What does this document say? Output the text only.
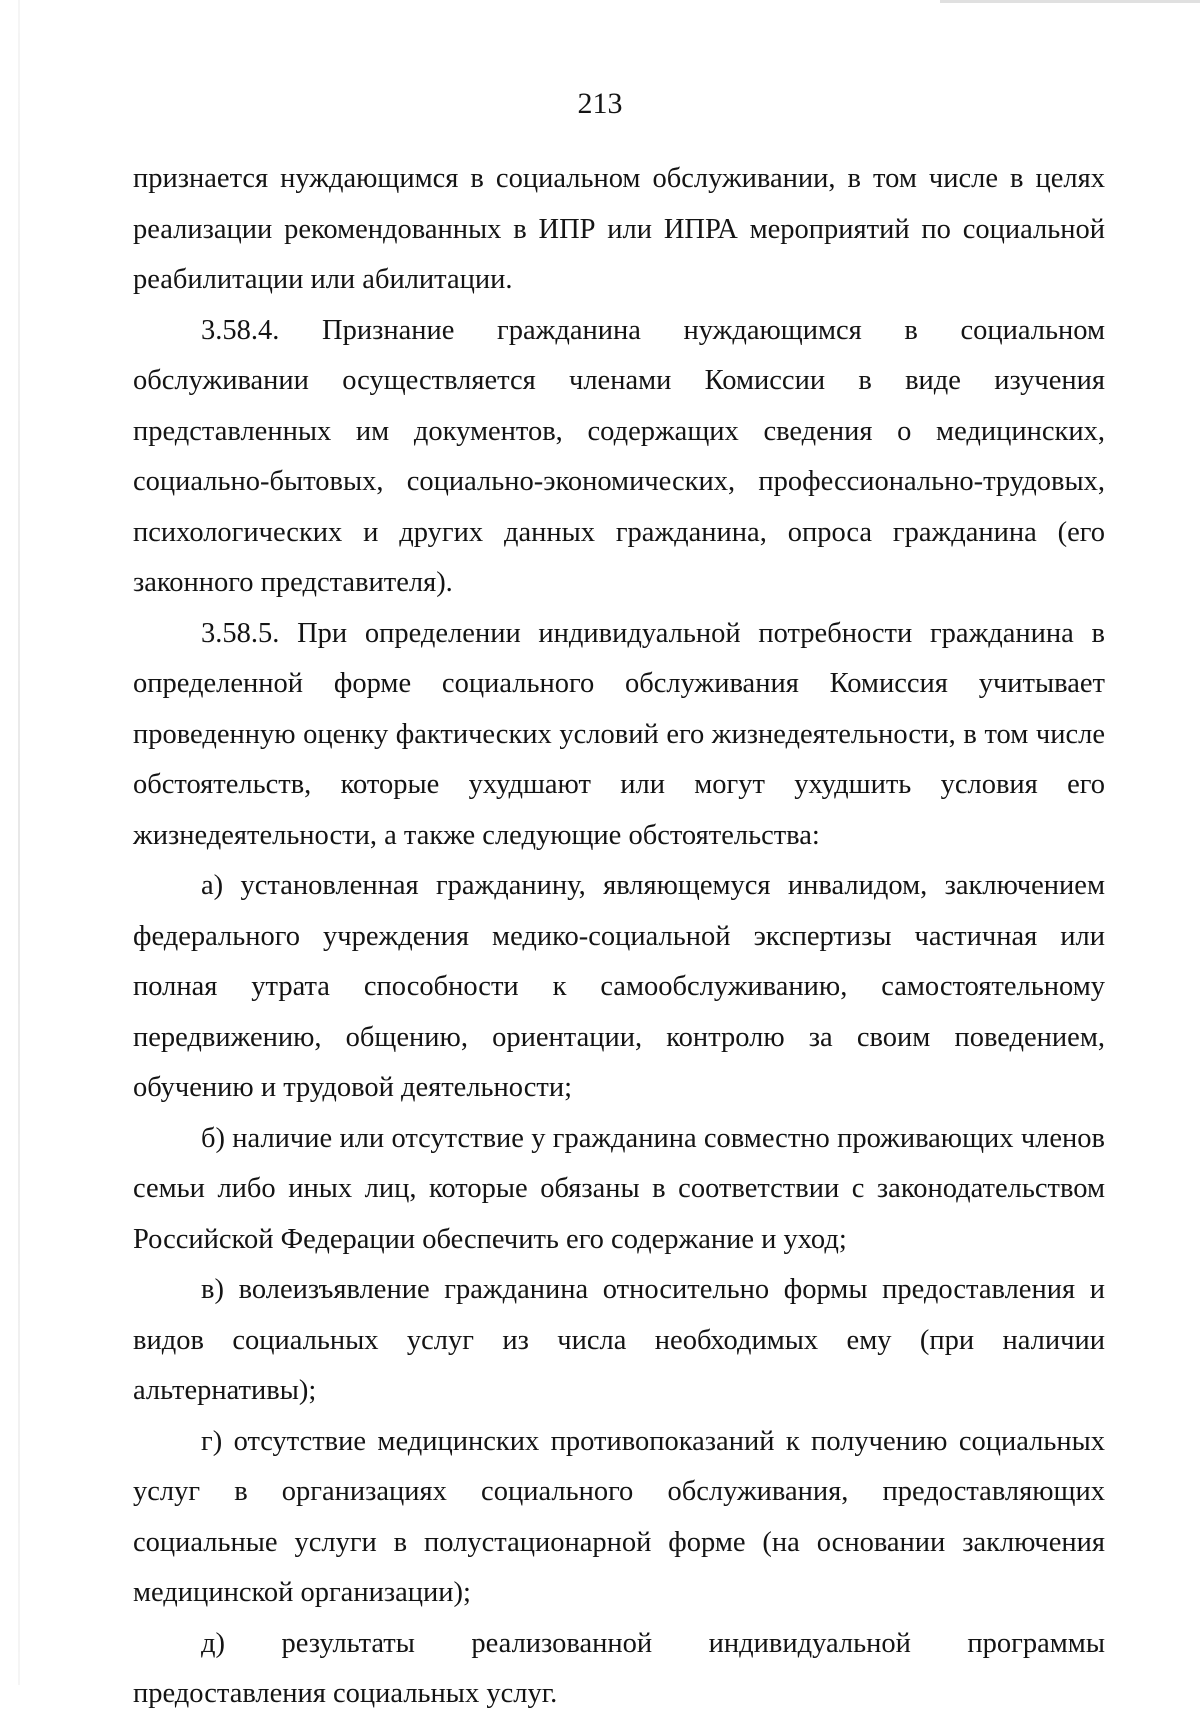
213

признается нуждающимся в социальном обслуживании, в том числе в целях реализации рекомендованных в ИПР или ИПРА мероприятий по социальной реабилитации или абилитации.

3.58.4. Признание гражданина нуждающимся в социальном обслуживании осуществляется членами Комиссии в виде изучения представленных им документов, содержащих сведения о медицинских, социально-бытовых, социально-экономических, профессионально-трудовых, психологических и других данных гражданина, опроса гражданина (его законного представителя).

3.58.5. При определении индивидуальной потребности гражданина в определенной форме социального обслуживания Комиссия учитывает проведенную оценку фактических условий его жизнедеятельности, в том числе обстоятельств, которые ухудшают или могут ухудшить условия его жизнедеятельности, а также следующие обстоятельства:

а) установленная гражданину, являющемуся инвалидом, заключением федерального учреждения медико-социальной экспертизы частичная или полная утрата способности к самообслуживанию, самостоятельному передвижению, общению, ориентации, контролю за своим поведением, обучению и трудовой деятельности;

б) наличие или отсутствие у гражданина совместно проживающих членов семьи либо иных лиц, которые обязаны в соответствии с законодательством Российской Федерации обеспечить его содержание и уход;

в) волеизъявление гражданина относительно формы предоставления и видов социальных услуг из числа необходимых ему (при наличии альтернативы);

г) отсутствие медицинских противопоказаний к получению социальных услуг в организациях социального обслуживания, предоставляющих социальные услуги в полустационарной форме (на основании заключения медицинской организации);

д) результаты реализованной индивидуальной программы предоставления социальных услуг.
